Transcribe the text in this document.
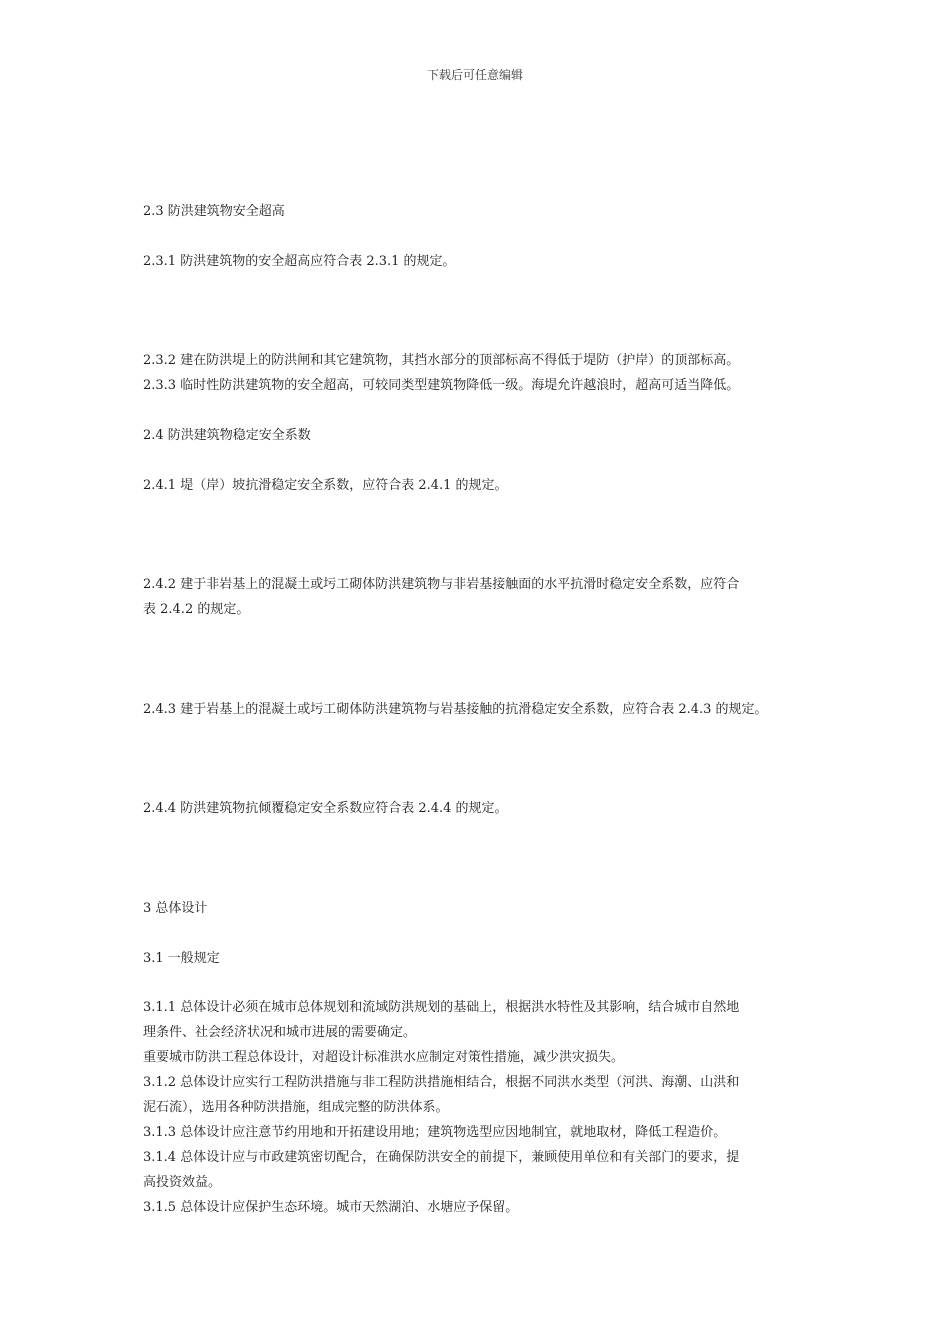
下载后可任意编辑
2.3 防洪建筑物安全超高
2.3.1 防洪建筑物的安全超高应符合表 2.3.1 的规定。
2.3.2 建在防洪堤上的防洪闸和其它建筑物，其挡水部分的顶部标高不得低于堤防（护岸）的顶部标高。
2.3.3 临时性防洪建筑物的安全超高，可较同类型建筑物降低一级。海堤允许越浪时，超高可适当降低。
2.4 防洪建筑物稳定安全系数
2.4.1 堤（岸）坡抗滑稳定安全系数，应符合表 2.4.1 的规定。
2.4.2 建于非岩基上的混凝土或圬工砌体防洪建筑物与非岩基接触面的水平抗滑时稳定安全系数，应符合
表 2.4.2 的规定。
2.4.3 建于岩基上的混凝土或圬工砌体防洪建筑物与岩基接触的抗滑稳定安全系数，应符合表 2.4.3 的规定。
2.4.4 防洪建筑物抗倾覆稳定安全系数应符合表 2.4.4 的规定。
3 总体设计
3.1 一般规定
3.1.1 总体设计必须在城市总体规划和流域防洪规划的基础上，根据洪水特性及其影响，结合城市自然地
理条件、社会经济状况和城市进展的需要确定。
重要城市防洪工程总体设计，对超设计标准洪水应制定对策性措施，减少洪灾损失。
3.1.2 总体设计应实行工程防洪措施与非工程防洪措施相结合，根据不同洪水类型（河洪、海潮、山洪和
泥石流），选用各种防洪措施，组成完整的防洪体系。
3.1.3 总体设计应注意节约用地和开拓建设用地；建筑物选型应因地制宜，就地取材，降低工程造价。
3.1.4 总体设计应与市政建筑密切配合，在确保防洪安全的前提下，兼顾使用单位和有关部门的要求，提
高投资效益。
3.1.5 总体设计应保护生态环境。城市天然湖泊、水塘应予保留。
